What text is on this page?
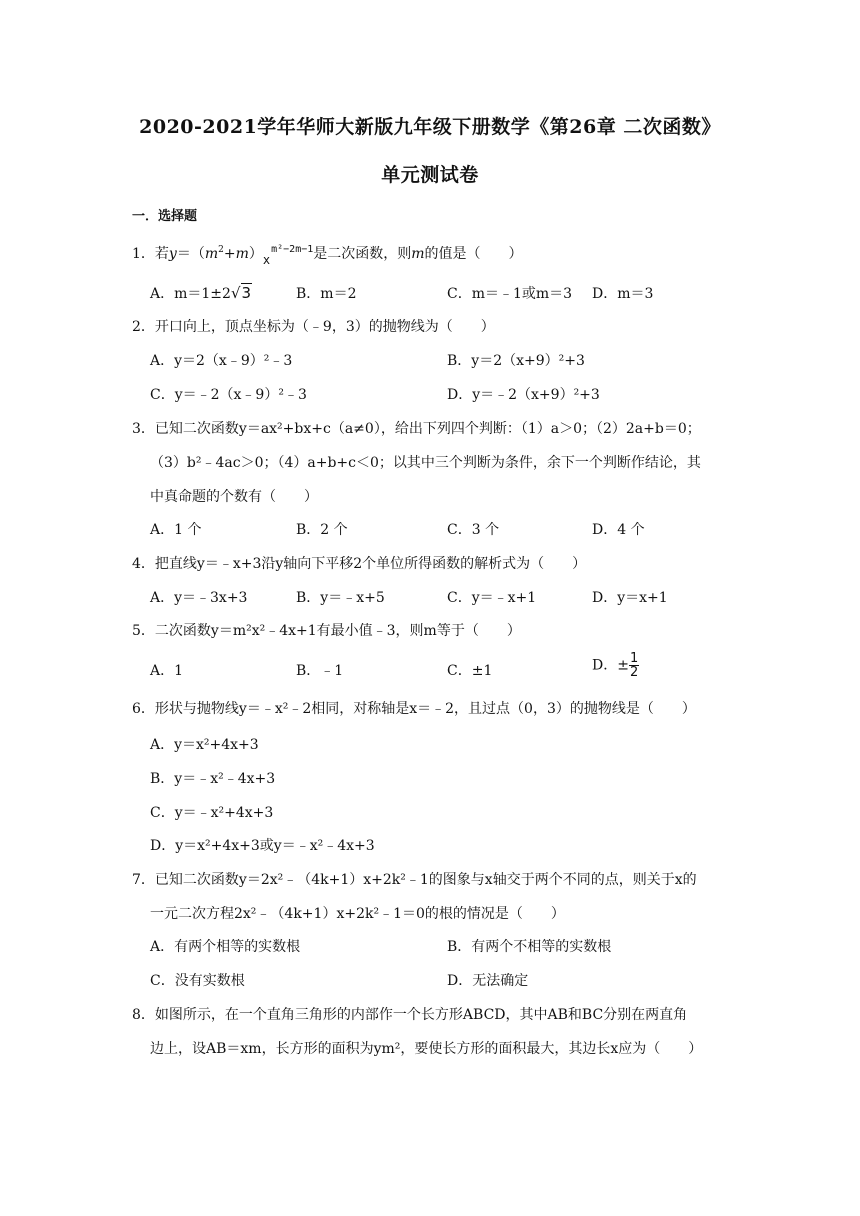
2020-2021学年华师大新版九年级下册数学《第26章 二次函数》
单元测试卷
一．选择题
1．若$y=(m^2+m)x^{m^2-2m-1}$是二次函数，则m的值是（　　）
A．m＝1±2√3	B．m＝2	C．m＝﹣1或m＝3 D．m＝3
2．开口向上，顶点坐标为（﹣9，3）的抛物线为（　　）
A．y＝2（x﹣9）²﹣3	B．y＝2（x+9）²+3
C．y＝﹣2（x﹣9）²﹣3	D．y＝﹣2（x+9）²+3
3．已知二次函数y＝ax²+bx+c（a≠0），给出下列四个判断：（1）a＞0；（2）2a+b＝0；
（3）b²﹣4ac＞0；（4）a+b+c＜0；以其中三个判断为条件，余下一个判断作结论，其
中真命题的个数有（　　）
A．1 个	B．2 个	C．3 个	D．4 个
4．把直线y＝﹣x+3沿y轴向下平移2个单位所得函数的解析式为（　　）
A．y＝﹣3x+3	B．y＝﹣x+5	C．y＝﹣x+1	D．y＝x+1
5．二次函数y＝m²x²﹣4x+1有最小值﹣3，则m等于（　　）
A．1	B．﹣1	C．±1	D．± $\frac{1}{2}$
6．形状与抛物线y＝﹣x²﹣2相同，对称轴是x＝﹣2，且过点（0，3）的抛物线是（　　）
A．y＝x²+4x+3
B．y＝﹣x²﹣4x+3
C．y＝﹣x²+4x+3
D．y＝x²+4x+3或y＝﹣x²﹣4x+3
7．已知二次函数y＝2x²﹣（4k+1）x+2k²﹣1的图象与x轴交于两个不同的点，则关于x的
一元二次方程2x²﹣（4k+1）x+2k²﹣1＝0的根的情况是（　　）
A．有两个相等的实数根	B．有两个不相等的实数根
C．没有实数根	D．无法确定
8．如图所示，在一个直角三角形的内部作一个长方形ABCD，其中AB和BC分别在两直角
边上，设AB＝xm，长方形的面积为ym²，要使长方形的面积最大，其边长x应为（　　）
